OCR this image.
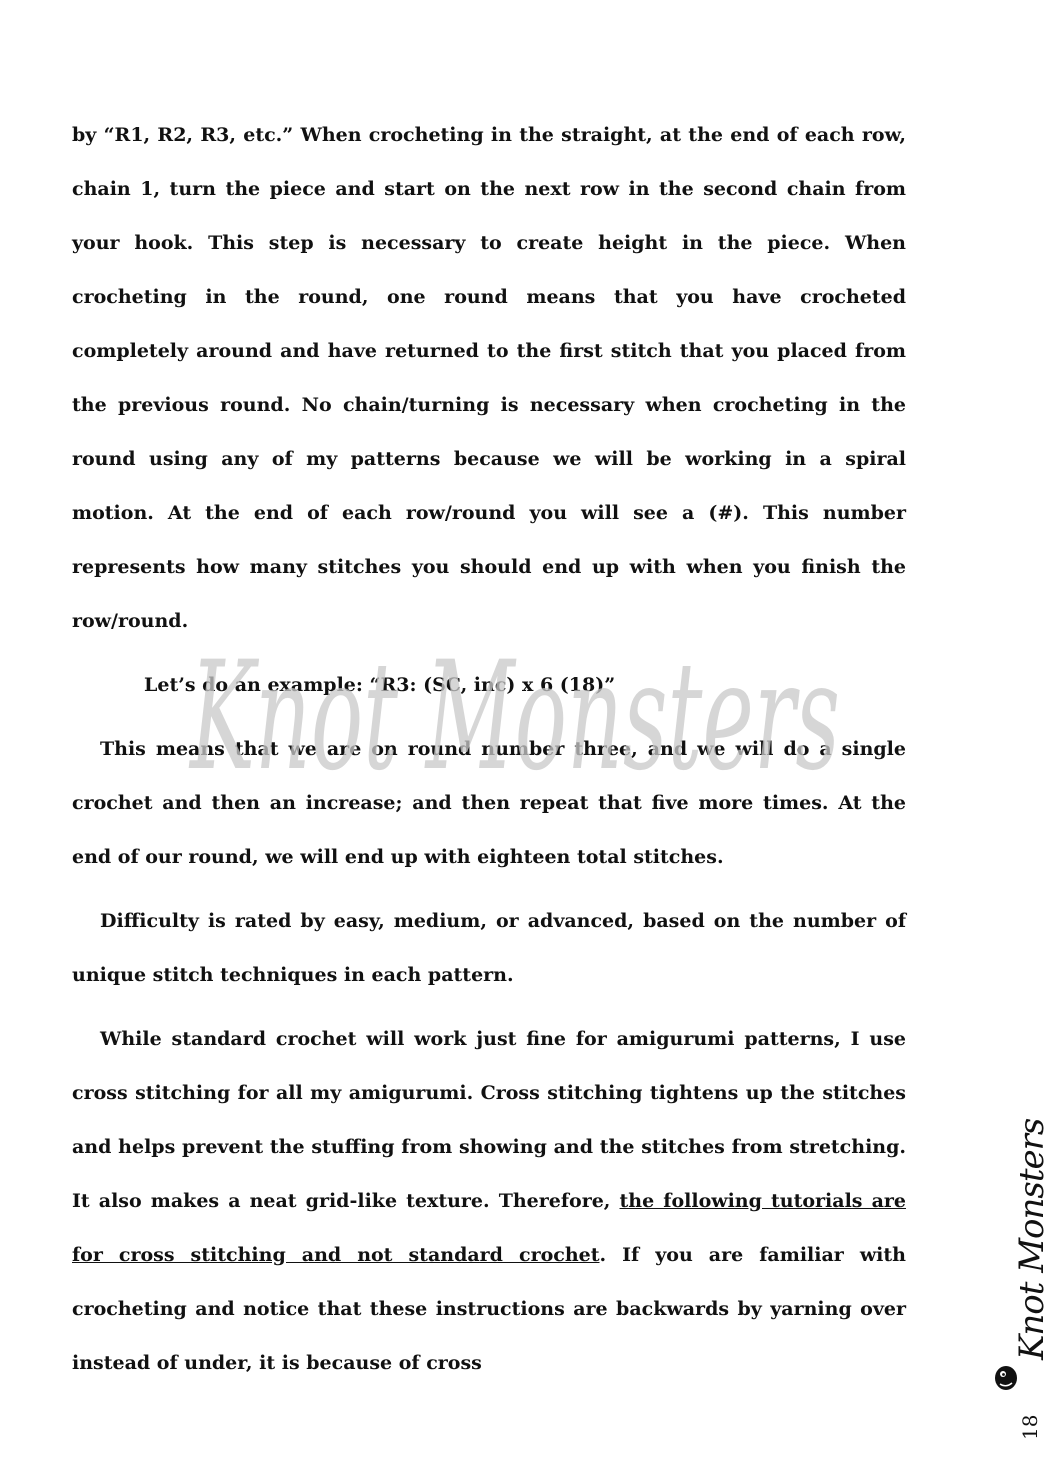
by “R1, R2, R3, etc.” When crocheting in the straight, at the end of each row, chain 1, turn the piece and start on the next row in the second chain from your hook. This step is necessary to create height in the piece. When crocheting in the round, one round means that you have crocheted completely around and have returned to the first stitch that you placed from the previous round. No chain/turning is necessary when crocheting in the round using any of my patterns because we will be working in a spiral motion. At the end of each row/round you will see a (#). This number represents how many stitches you should end up with when you finish the row/round.

Let’s do an example: “R3: (SC, inc) x 6 (18)”

This means that we are on round number three, and we will do a single crochet and then an increase; and then repeat that five more times. At the end of our round, we will end up with eighteen total stitches.

Difficulty is rated by easy, medium, or advanced, based on the number of unique stitch techniques in each pattern.

While standard crochet will work just fine for amigurumi patterns, I use cross stitching for all my amigurumi. Cross stitching tightens up the stitches and helps prevent the stuffing from showing and the stitches from stretching. It also makes a neat grid-like texture. Therefore, the following tutorials are for cross stitching and not standard crochet. If you are familiar with crocheting and notice that these instructions are backwards by yarning over instead of under, it is because of cross

Knot Monsters
Knot Monsters
18
